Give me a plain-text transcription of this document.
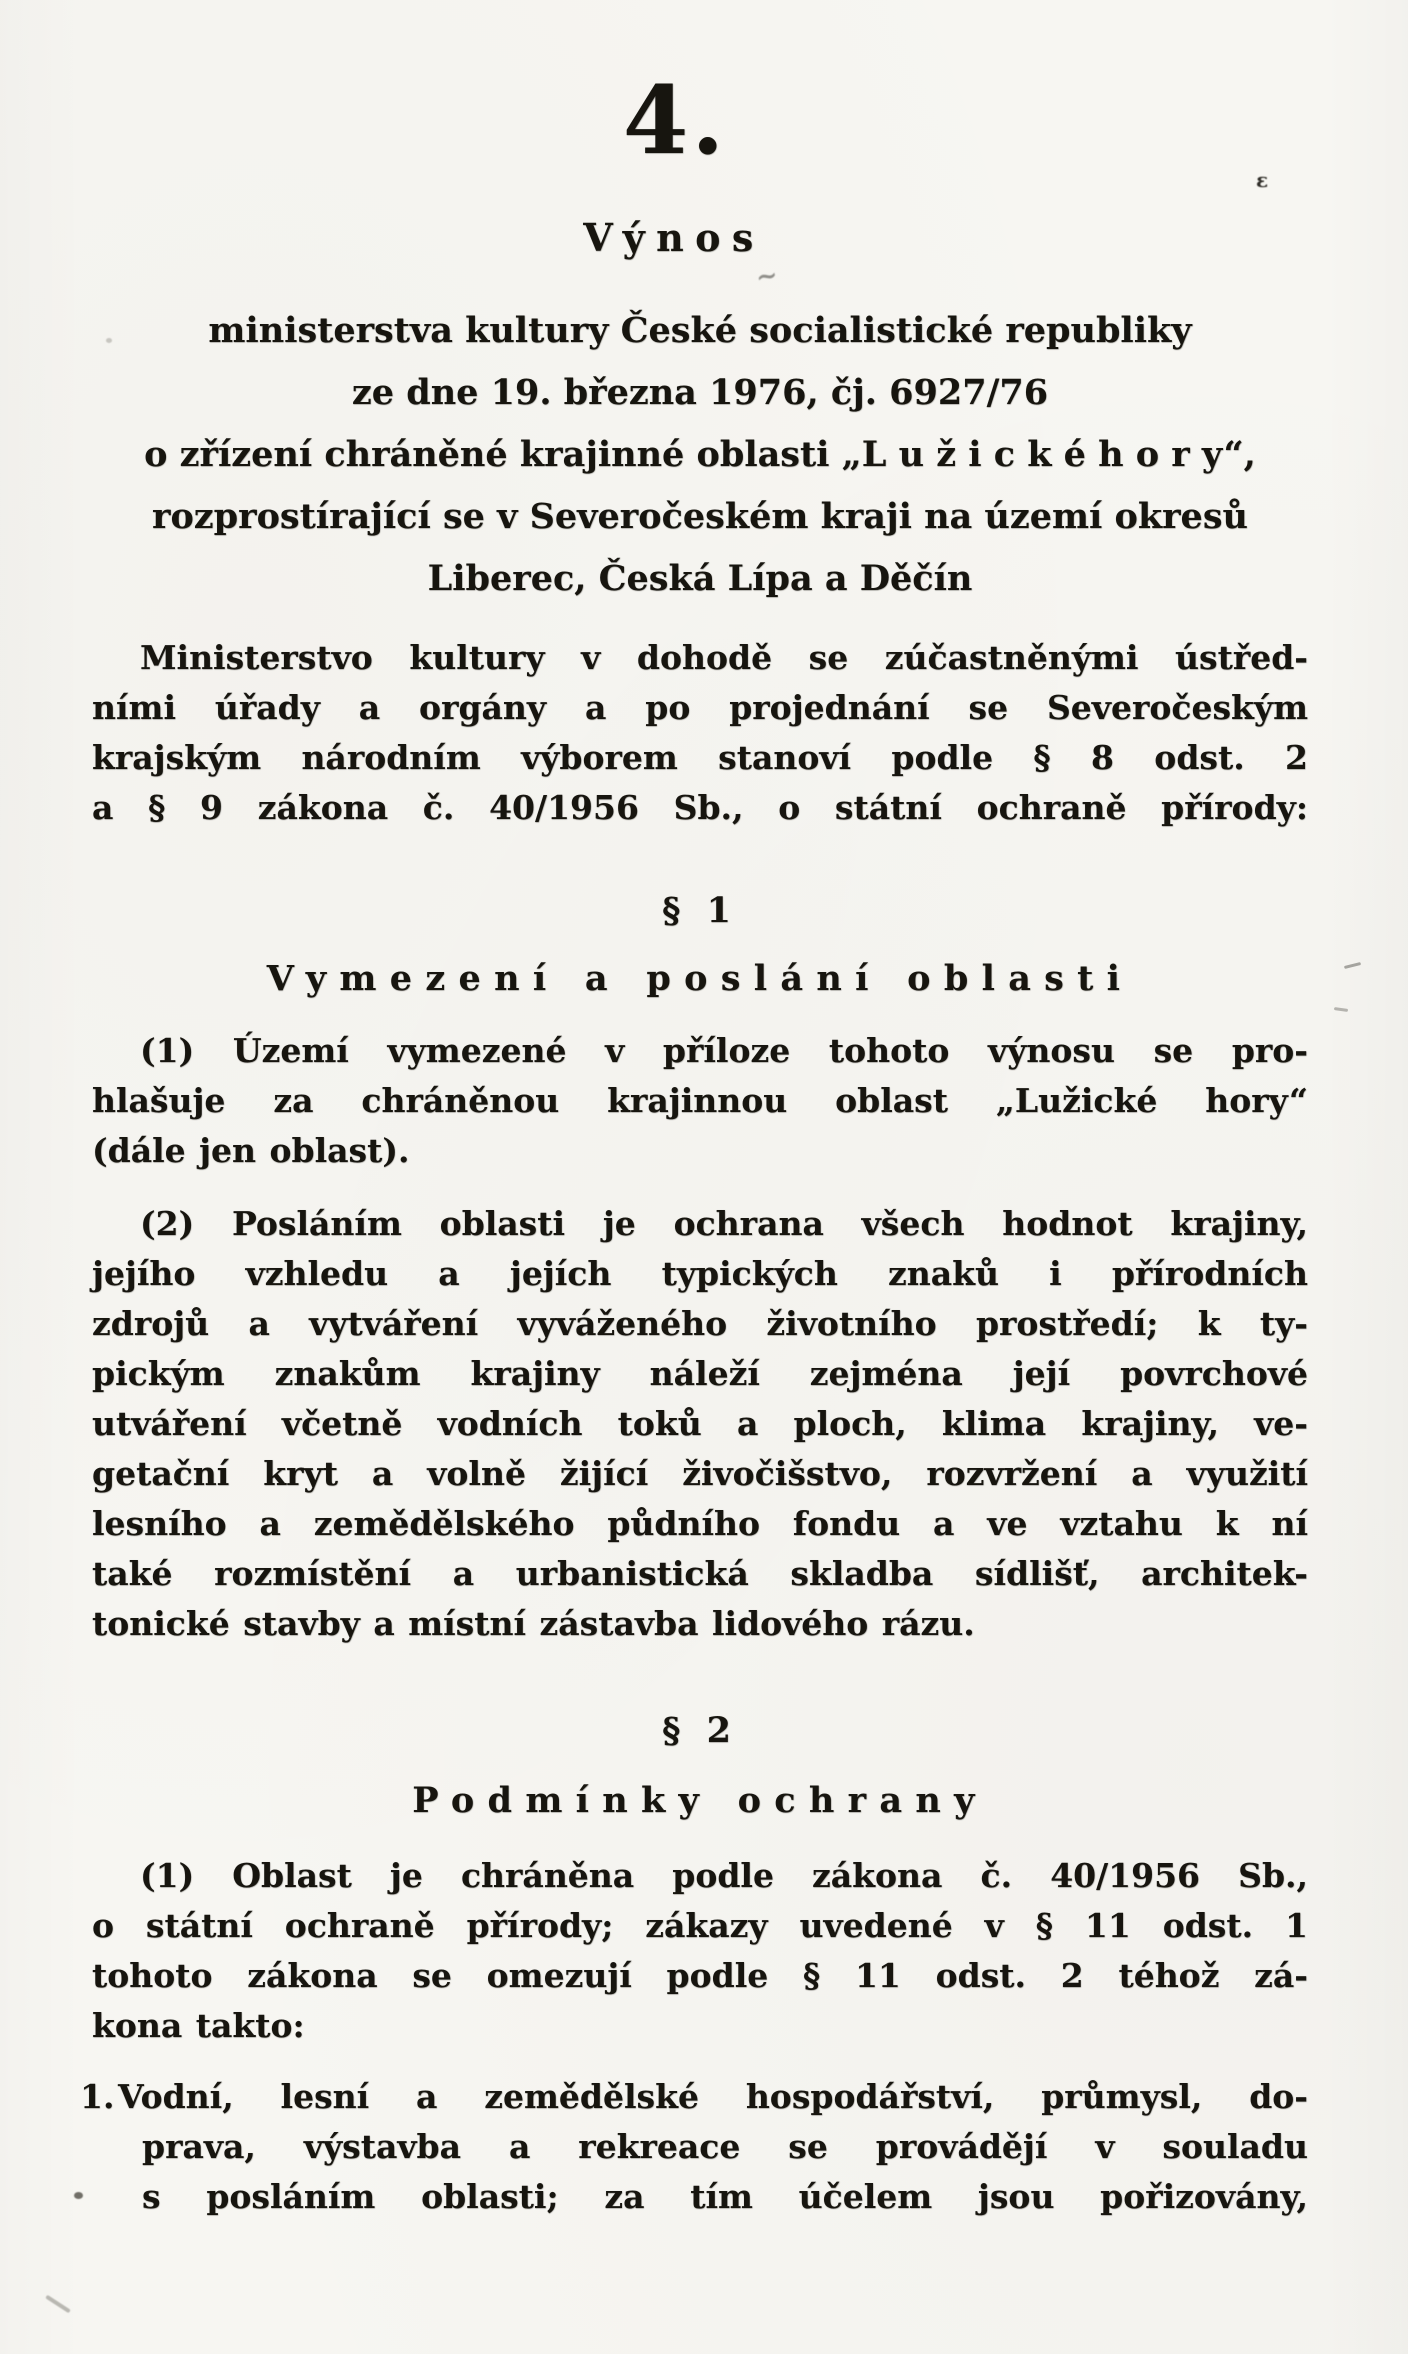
4.
Výnos
ministerstva kultury České socialistické republiky
ze dne 19. března 1976, čj. 6927/76
o zřízení chráněné krajinné oblasti „L u ž i c k é h o r y“,
rozprostírající se v Severočeském kraji na území okresů
Liberec, Česká Lípa a Děčín
Ministerstvo kultury v dohodě se zúčastněnými ústřed-
ními úřady a orgány a po projednání se Severočeským
krajským národním výborem stanoví podle § 8 odst. 2
a § 9 zákona č. 40/1956 Sb., o státní ochraně přírody:
§ 1
Vymezení a poslání oblasti
(1) Území vymezené v příloze tohoto výnosu se pro-
hlašuje za chráněnou krajinnou oblast „Lužické hory“
(dále jen oblast).
(2) Posláním oblasti je ochrana všech hodnot krajiny,
jejího vzhledu a jejích typických znaků i přírodních
zdrojů a vytváření vyváženého životního prostředí; k ty-
pickým znakům krajiny náleží zejména její povrchové
utváření včetně vodních toků a ploch, klima krajiny, ve-
getační kryt a volně žijící živočišstvo, rozvržení a využití
lesního a zemědělského půdního fondu a ve vztahu k ní
také rozmístění a urbanistická skladba sídlišť, architek-
tonické stavby a místní zástavba lidového rázu.
§ 2
Podmínky ochrany
(1) Oblast je chráněna podle zákona č. 40/1956 Sb.,
o státní ochraně přírody; zákazy uvedené v § 11 odst. 1
tohoto zákona se omezují podle § 11 odst. 2 téhož zá-
kona takto:
1. Vodní, lesní a zemědělské hospodářství, průmysl, do-
prava, výstavba a rekreace se provádějí v souladu
s posláním oblasti; za tím účelem jsou pořizovány,
ɛ
~
